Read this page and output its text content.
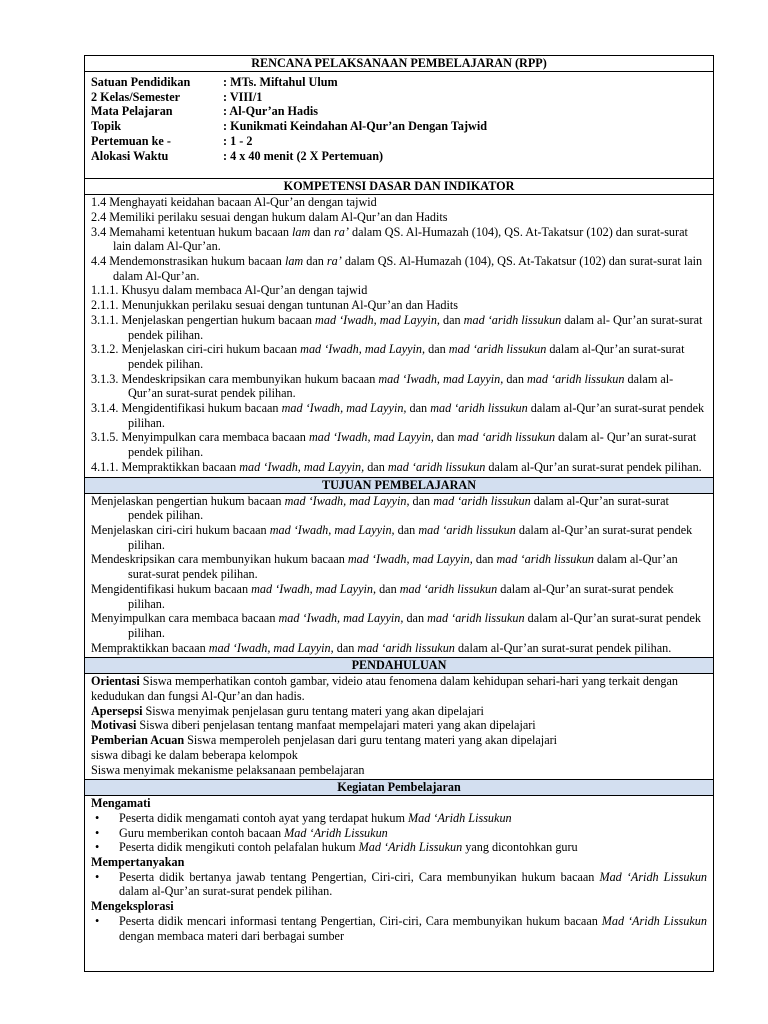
RENCANA PELAKSANAAN PEMBELAJARAN (RPP)
Satuan Pendidikan	: MTs. Miftahul Ulum
2 Kelas/Semester	: VIII/1
Mata Pelajaran	: Al-Qur’an Hadis
Topik	: Kunikmati Keindahan Al-Qur’an Dengan Tajwid
Pertemuan ke -	: 1 - 2
Alokasi Waktu	: 4 x 40 menit (2 X Pertemuan)
KOMPETENSI DASAR DAN INDIKATOR
1.4 Menghayati keidahan bacaan Al-Qur’an dengan tajwid
2.4 Memiliki perilaku sesuai dengan hukum dalam Al-Qur’an dan Hadits
3.4 Memahami ketentuan hukum bacaan lam dan ra’ dalam QS. Al-Humazah (104), QS. At-Takatsur (102) dan surat-surat lain dalam Al-Qur’an.
4.4 Mendemonstrasikan hukum bacaan lam dan ra’ dalam QS. Al-Humazah (104), QS. At-Takatsur (102) dan surat-surat lain dalam Al-Qur’an.
1.1.1. Khusyu dalam membaca Al-Qur’an dengan tajwid
2.1.1. Menunjukkan perilaku sesuai dengan tuntunan Al-Qur’an dan Hadits
3.1.1. Menjelaskan pengertian hukum bacaan mad ‘Iwadh, mad Layyin, dan mad ‘aridh lissukun dalam al- Qur’an surat-surat pendek pilihan.
3.1.2. Menjelaskan ciri-ciri hukum bacaan mad ‘Iwadh, mad Layyin, dan mad ‘aridh lissukun dalam al-Qur’an surat-surat pendek pilihan.
3.1.3. Mendeskripsikan cara membunyikan hukum bacaan mad ‘Iwadh, mad Layyin, dan mad ‘aridh lissukun dalam al-Qur’an surat-surat pendek pilihan.
3.1.4. Mengidentifikasi hukum bacaan mad ‘Iwadh, mad Layyin, dan mad ‘aridh lissukun dalam al-Qur’an surat-surat pendek pilihan.
3.1.5. Menyimpulkan cara membaca bacaan mad ‘Iwadh, mad Layyin, dan mad ‘aridh lissukun dalam al- Qur’an surat-surat pendek pilihan.
4.1.1. Mempraktikkan bacaan mad ‘Iwadh, mad Layyin, dan mad ‘aridh lissukun dalam al-Qur’an surat-surat pendek pilihan.
TUJUAN PEMBELAJARAN
Menjelaskan pengertian hukum bacaan mad ‘Iwadh, mad Layyin, dan mad ‘aridh lissukun dalam al-Qur’an surat-surat pendek pilihan.
Menjelaskan ciri-ciri hukum bacaan mad ‘Iwadh, mad Layyin, dan mad ‘aridh lissukun dalam al-Qur’an surat-surat pendek pilihan.
Mendeskripsikan cara membunyikan hukum bacaan mad ‘Iwadh, mad Layyin, dan mad ‘aridh lissukun dalam al-Qur’an surat-surat pendek pilihan.
Mengidentifikasi hukum bacaan mad ‘Iwadh, mad Layyin, dan mad ‘aridh lissukun dalam al-Qur’an surat-surat pendek pilihan.
Menyimpulkan cara membaca bacaan mad ‘Iwadh, mad Layyin, dan mad ‘aridh lissukun dalam al-Qur’an surat-surat pendek pilihan.
Mempraktikkan bacaan mad ‘Iwadh, mad Layyin, dan mad ‘aridh lissukun dalam al-Qur’an surat-surat pendek pilihan.
PENDAHULUAN
Orientasi Siswa memperhatikan contoh gambar, videio atau fenomena dalam kehidupan sehari-hari yang terkait dengan kedudukan dan fungsi Al-Qur’an dan hadis.
Apersepsi Siswa menyimak penjelasan guru tentang materi yang akan dipelajari
Motivasi Siswa diberi penjelasan tentang manfaat mempelajari materi yang akan dipelajari
Pemberian Acuan Siswa memperoleh penjelasan dari guru tentang materi yang akan dipelajari
siswa dibagi ke dalam beberapa kelompok
Siswa menyimak mekanisme pelaksanaan pembelajaran
Kegiatan Pembelajaran
Mengamati
•	Peserta didik mengamati contoh ayat yang terdapat hukum Mad ‘Aridh Lissukun
•	Guru memberikan contoh bacaan Mad ‘Aridh Lissukun
•	Peserta didik mengikuti contoh pelafalan hukum Mad ‘Aridh Lissukun yang dicontohkan guru
Mempertanyakan
•	Peserta didik bertanya jawab tentang Pengertian, Ciri-ciri, Cara membunyikan hukum bacaan Mad ‘Aridh Lissukun dalam al-Qur’an surat-surat pendek pilihan.
Mengeksplorasi
•	Peserta didik mencari informasi tentang Pengertian, Ciri-ciri, Cara membunyikan hukum bacaan Mad ‘Aridh Lissukun dengan membaca materi dari berbagai sumber
